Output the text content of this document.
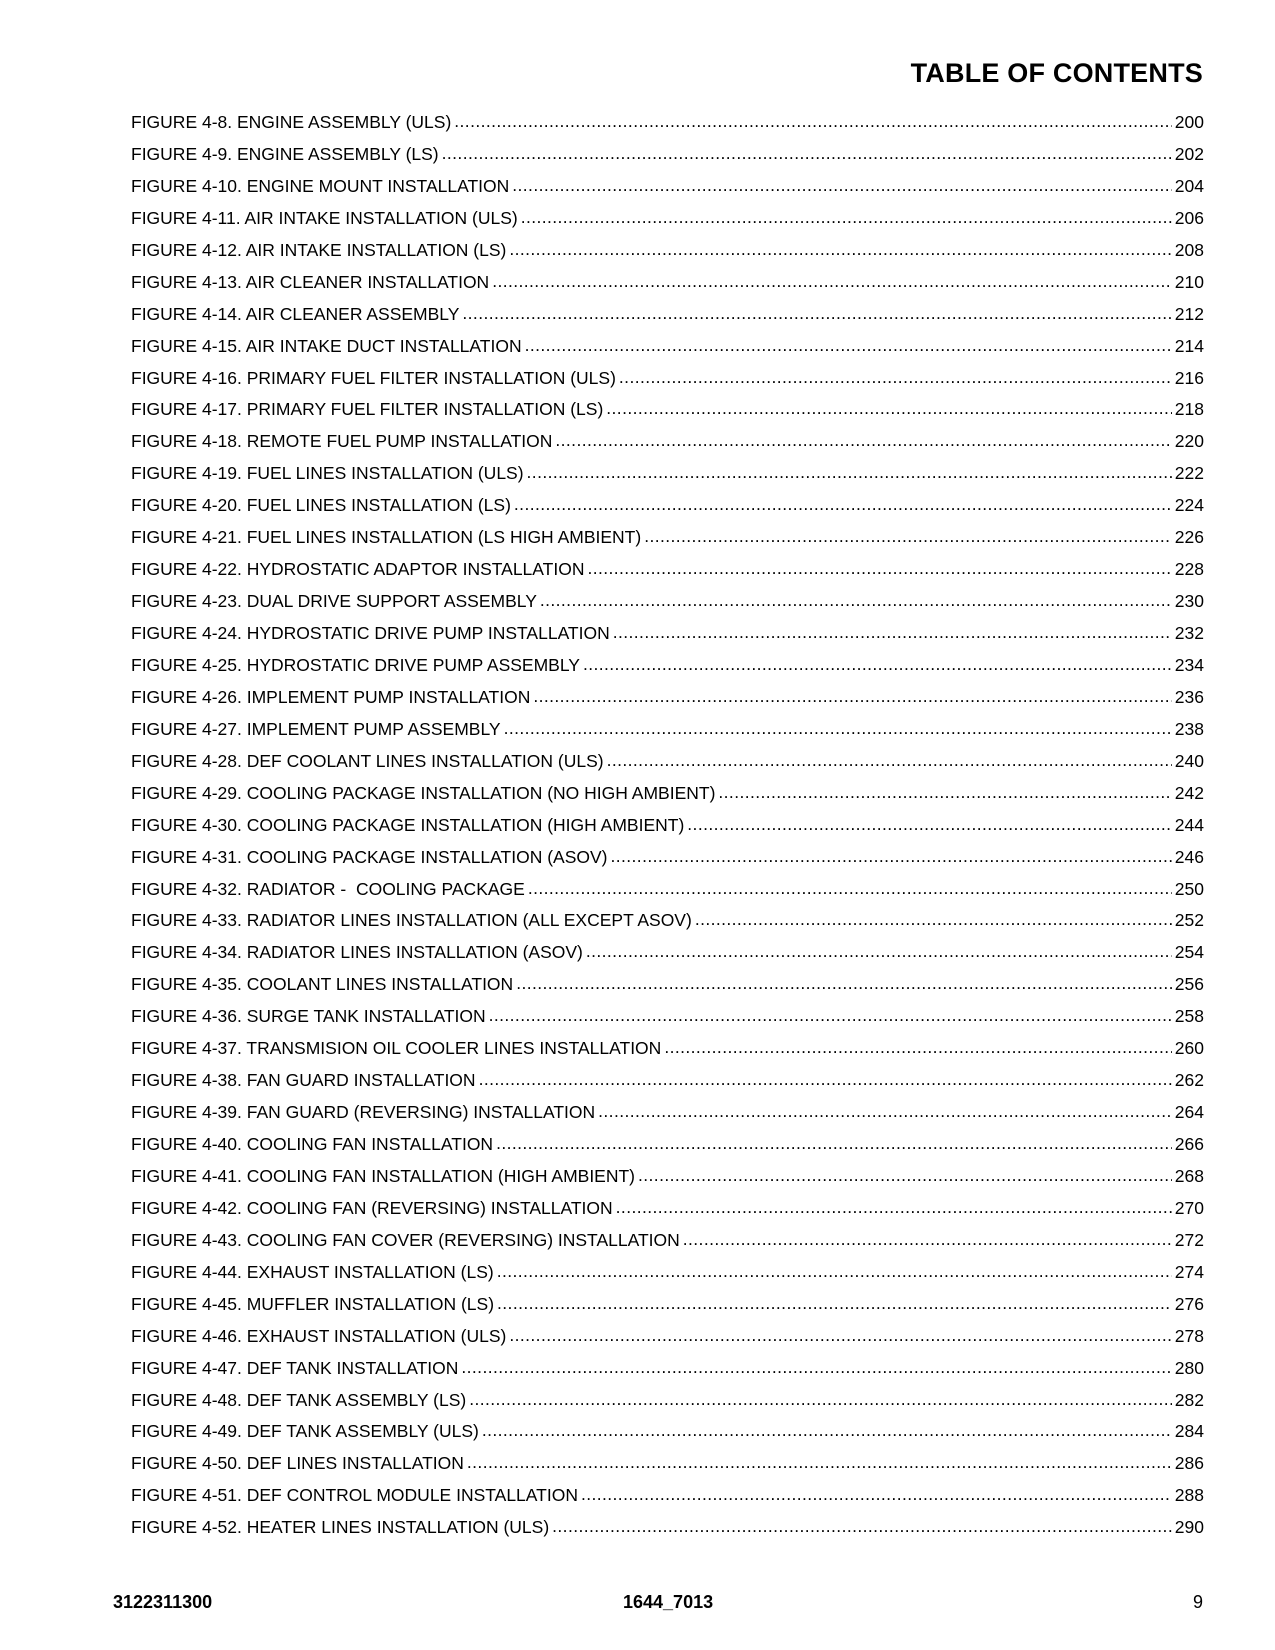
TABLE OF CONTENTS
FIGURE 4-8. ENGINE ASSEMBLY (ULS) .....	200
FIGURE 4-9. ENGINE ASSEMBLY (LS) .....	202
FIGURE 4-10. ENGINE MOUNT INSTALLATION .....	204
FIGURE 4-11. AIR INTAKE INSTALLATION (ULS) .....	206
FIGURE 4-12. AIR INTAKE INSTALLATION (LS) .....	208
FIGURE 4-13. AIR CLEANER INSTALLATION .....	210
FIGURE 4-14. AIR CLEANER ASSEMBLY .....	212
FIGURE 4-15. AIR INTAKE DUCT INSTALLATION .....	214
FIGURE 4-16. PRIMARY FUEL FILTER INSTALLATION (ULS) .....	216
FIGURE 4-17. PRIMARY FUEL FILTER INSTALLATION (LS) .....	218
FIGURE 4-18. REMOTE FUEL PUMP INSTALLATION .....	220
FIGURE 4-19. FUEL LINES INSTALLATION (ULS) .....	222
FIGURE 4-20. FUEL LINES INSTALLATION (LS) .....	224
FIGURE 4-21. FUEL LINES INSTALLATION (LS HIGH AMBIENT) .....	226
FIGURE 4-22. HYDROSTATIC ADAPTOR INSTALLATION .....	228
FIGURE 4-23. DUAL DRIVE SUPPORT ASSEMBLY .....	230
FIGURE 4-24. HYDROSTATIC DRIVE PUMP INSTALLATION .....	232
FIGURE 4-25. HYDROSTATIC DRIVE PUMP ASSEMBLY .....	234
FIGURE 4-26. IMPLEMENT PUMP INSTALLATION .....	236
FIGURE 4-27. IMPLEMENT PUMP ASSEMBLY .....	238
FIGURE 4-28. DEF COOLANT LINES INSTALLATION (ULS) .....	240
FIGURE 4-29. COOLING PACKAGE INSTALLATION (NO HIGH AMBIENT) .....	242
FIGURE 4-30. COOLING PACKAGE INSTALLATION (HIGH AMBIENT) .....	244
FIGURE 4-31. COOLING PACKAGE INSTALLATION (ASOV) .....	246
FIGURE 4-32. RADIATOR -  COOLING PACKAGE .....	250
FIGURE 4-33. RADIATOR LINES INSTALLATION (ALL EXCEPT ASOV) .....	252
FIGURE 4-34. RADIATOR LINES INSTALLATION (ASOV) .....	254
FIGURE 4-35. COOLANT LINES INSTALLATION .....	256
FIGURE 4-36. SURGE TANK INSTALLATION .....	258
FIGURE 4-37. TRANSMISION OIL COOLER LINES INSTALLATION .....	260
FIGURE 4-38. FAN GUARD INSTALLATION .....	262
FIGURE 4-39. FAN GUARD (REVERSING) INSTALLATION .....	264
FIGURE 4-40. COOLING FAN INSTALLATION .....	266
FIGURE 4-41. COOLING FAN INSTALLATION (HIGH AMBIENT) .....	268
FIGURE 4-42. COOLING FAN (REVERSING) INSTALLATION .....	270
FIGURE 4-43. COOLING FAN COVER (REVERSING) INSTALLATION .....	272
FIGURE 4-44. EXHAUST INSTALLATION (LS) .....	274
FIGURE 4-45. MUFFLER INSTALLATION (LS) .....	276
FIGURE 4-46. EXHAUST INSTALLATION (ULS) .....	278
FIGURE 4-47. DEF TANK INSTALLATION .....	280
FIGURE 4-48. DEF TANK ASSEMBLY (LS) .....	282
FIGURE 4-49. DEF TANK ASSEMBLY (ULS) .....	284
FIGURE 4-50. DEF LINES INSTALLATION .....	286
FIGURE 4-51. DEF CONTROL MODULE INSTALLATION .....	288
FIGURE 4-52. HEATER LINES INSTALLATION (ULS) .....	290
3122311300	1644_7013	9
